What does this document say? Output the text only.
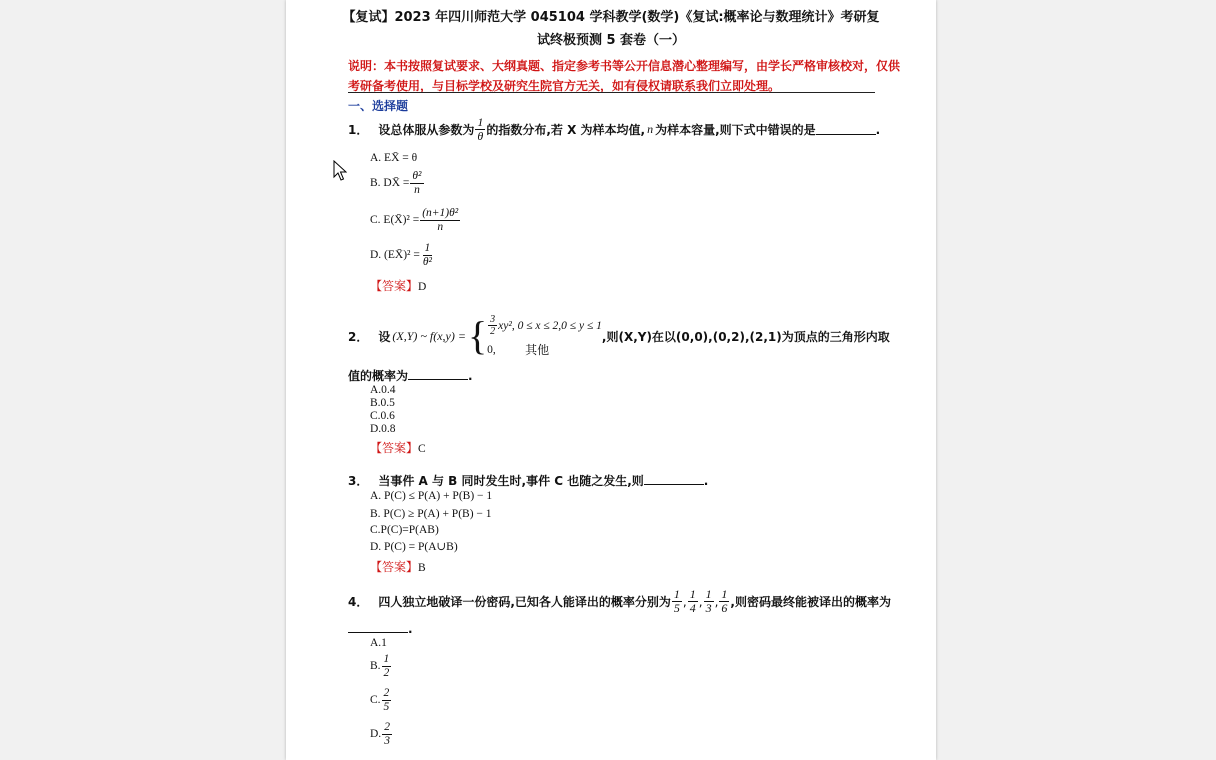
【复试】2023 年四川师范大学 045104 学科教学(数学)《复试:概率论与数理统计》考研复
试终极预测 5 套卷（一）
说明：本书按照复试要求、大纲真题、指定参考书等公开信息潜心整理编写，由学长严格审核校对，仅供
考研备考使用，与目标学校及研究生院官方无关，如有侵权请联系我们立即处理。
一、选择题
1． 设总体服从参数为 $\frac{1}{\theta}$ 的指数分布,若 X 为样本均值, n 为样本容量,则下式中错误的是	.
A. EX̄ = θ
B. DX̄ = $\frac{\text{θ²}}{n}$
C. E(X̄)² = $\frac{\text{(n+1)θ²}}{n}$
D. (EX̄)² = $\frac{1}{\text{θ²}}$
【答案】D
2． 设 (X,Y) ~ f(x,y) = { $\frac{3}{2} xy^2$, 0 ≤ x ≤ 2,0 ≤ y ≤ 1
0,	其他
,则(X,Y)在以(0,0),(0,2),(2,1)为顶点的三角形内取
值的概率为	.
A.0.4
B.0.5
C.0.6
D.0.8
【答案】C
3． 当事件 A 与 B 同时发生时,事件 C 也随之发生,则	.
A. P(C) ≤ P(A) + P(B) − 1
B. P(C) ≥ P(A) + P(B) − 1
C.P(C)=P(AB)
D. P(C) = P(A∪B)
【答案】B
4． 四人独立地破译一份密码,已知各人能译出的概率分别为 $\frac{1}{5}$ , $\frac{1}{4}$ , $\frac{1}{3}$ , $\frac{1}{6}$ ,则密码最终能被译出的概率为
.
A.1
B. $\frac{1}{2}$
C. $\frac{2}{5}$
D. $\frac{2}{3}$
